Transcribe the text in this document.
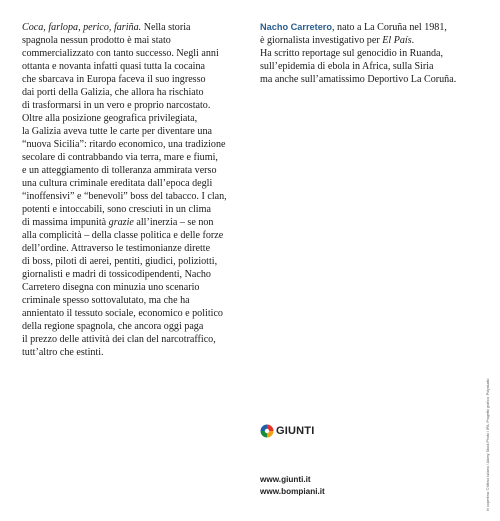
Coca, farlopa, perico, fariña. Nella storia

spagnola nessun prodotto è mai stato

commercializzato con tanto successo. Negli anni

ottanta e novanta infatti quasi tutta la cocaina

che sbarcava in Europa faceva il suo ingresso

dai porti della Galizia, che allora ha rischiato

di trasformarsi in un vero e proprio narcostato.

Oltre alla posizione geografica privilegiata,

la Galizia aveva tutte le carte per diventare una

“nuova Sicilia”: ritardo economico, una tradizione

secolare di contrabbando via terra, mare e fiumi,

e un atteggiamento di tolleranza ammirata verso

una cultura criminale ereditata dall’epoca degli

“inoffensivi” e “benevoli” boss del tabacco. I clan,

potenti e intoccabili, sono cresciuti in un clima

di massima impunità grazie all’inerzia – se non

alla complicità – della classe politica e delle forze

dell’ordine. Attraverso le testimonianze dirette

di boss, piloti di aerei, pentiti, giudici, poliziotti,

giornalisti e madri di tossicodipendenti, Nacho

Carretero disegna con minuzia uno scenario

criminale spesso sottovalutato, ma che ha

annientato il tessuto sociale, economico e politico

della regione spagnola, che ancora oggi paga

il prezzo delle attività dei clan del narcotraffico,

tutt’altro che estinti.

Nacho Carretero, nato a La Coruña nel 1981,
è giornalista investigativo per El País.
Ha scritto reportage sul genocidio in Ruanda,
sull’epidemia di ebola in Africa, sulla Siria
ma anche sull’amatissimo Deportivo La Coruña.
GIUNTI
www.giunti.it
www.bompiani.it	In copertina: © Mirko Iuliano / Alamy Stock Photo / IPA; Progetto grafico: Polystudio
